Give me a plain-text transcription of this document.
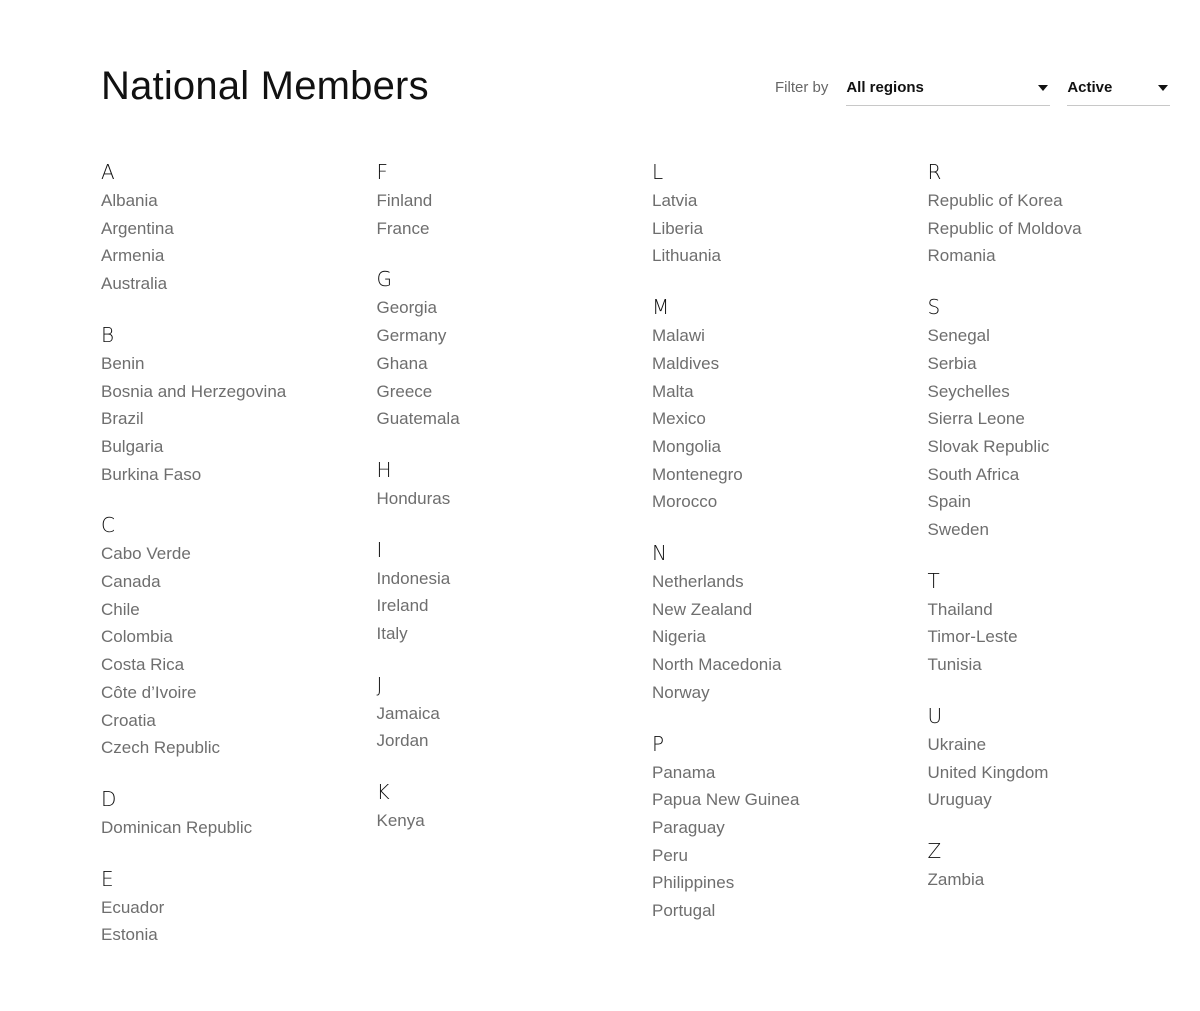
National Members	Filter by All regions	Active
A
Albania
Argentina
Armenia
Australia
B
Benin
Bosnia and Herzegovina
Brazil
Bulgaria
Burkina Faso
C
Cabo Verde
Canada
Chile
Colombia
Costa Rica
Côte d’Ivoire
Croatia
Czech Republic
D
Dominican Republic
E
Ecuador
Estonia
F
Finland
France
G
Georgia
Germany
Ghana
Greece
Guatemala
H
Honduras
I
Indonesia
Ireland
Italy
J
Jamaica
Jordan
K
Kenya
L
Latvia
Liberia
Lithuania
M
Malawi
Maldives
Malta
Mexico
Mongolia
Montenegro
Morocco
N
Netherlands
New Zealand
Nigeria
North Macedonia
Norway
P
Panama
Papua New Guinea
Paraguay
Peru
Philippines
Portugal
R
Republic of Korea
Republic of Moldova
Romania
S
Senegal
Serbia
Seychelles
Sierra Leone
Slovak Republic
South Africa
Spain
Sweden
T
Thailand
Timor-Leste
Tunisia
U
Ukraine
United Kingdom
Uruguay
Z
Zambia
